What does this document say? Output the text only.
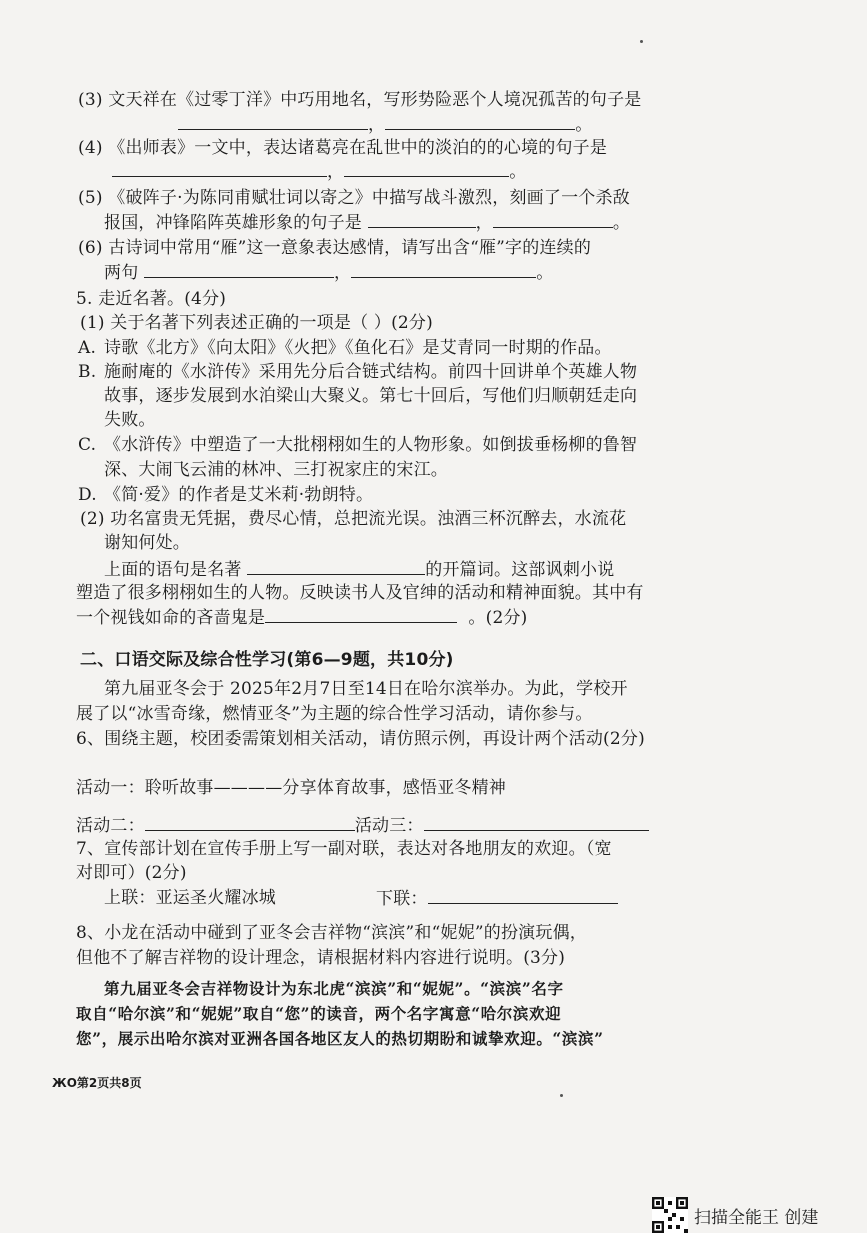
(3) 文天祥在《过零丁洋》中巧用地名，写形势险恶个人境况孤苦的句子是
，	。
(4) 《出师表》一文中，表达诸葛亮在乱世中的淡泊的的心境的句子是
，	。
(5) 《破阵子·为陈同甫赋壮词以寄之》中描写战斗激烈，刻画了一个杀敌
报国，冲锋陷阵英雄形象的句子是	，	。
(6) 古诗词中常用“雁”这一意象表达感情，请写出含“雁”字的连续的
两句	，	。
5. 走近名著。(4分)
(1) 关于名著下列表述正确的一项是（ ）(2分)
A. 诗歌《北方》《向太阳》《火把》《鱼化石》是艾青同一时期的作品。
B. 施耐庵的《水浒传》采用先分后合链式结构。前四十回讲单个英雄人物
故事，逐步发展到水泊梁山大聚义。第七十回后，写他们归顺朝廷走向
失败。
C. 《水浒传》中塑造了一大批栩栩如生的人物形象。如倒拔垂杨柳的鲁智
深、大闹飞云浦的林冲、三打祝家庄的宋江。
D. 《简·爱》的作者是艾米莉·勃朗特。
(2) 功名富贵无凭据，费尽心情，总把流光误。浊酒三杯沉醉去，水流花
谢知何处。
上面的语句是名著	的开篇词。这部讽刺小说
塑造了很多栩栩如生的人物。反映读书人及官绅的活动和精神面貌。其中有
一个视钱如命的吝啬鬼是	。(2分)
二、口语交际及综合性学习(第6—9题，共10分)
第九届亚冬会于 2025年2月7日至14日在哈尔滨举办。为此，学校开
展了以“冰雪奇缘，燃情亚冬”为主题的综合性学习活动，请你参与。
6、围绕主题，校团委需策划相关活动，请仿照示例，再设计两个活动(2分)
活动一：聆听故事————分享体育故事，感悟亚冬精神
活动二：	活动三：
7、宣传部计划在宣传手册上写一副对联，表达对各地朋友的欢迎。（宽
对即可）(2分)
上联：亚运圣火耀冰城	下联：
8、小龙在活动中碰到了亚冬会吉祥物“滨滨”和“妮妮”的扮演玩偶，
但他不了解吉祥物的设计理念，请根据材料内容进行说明。(3分)
第九届亚冬会吉祥物设计为东北虎“滨滨”和“妮妮”。“滨滨”名字
取自“哈尔滨”和“妮妮”取自“您”的读音，两个名字寓意“哈尔滨欢迎
您”，展示出哈尔滨对亚洲各国各地区友人的热切期盼和诚挚欢迎。“滨滨”
ЖO第2页共8页
扫描全能王 创建
